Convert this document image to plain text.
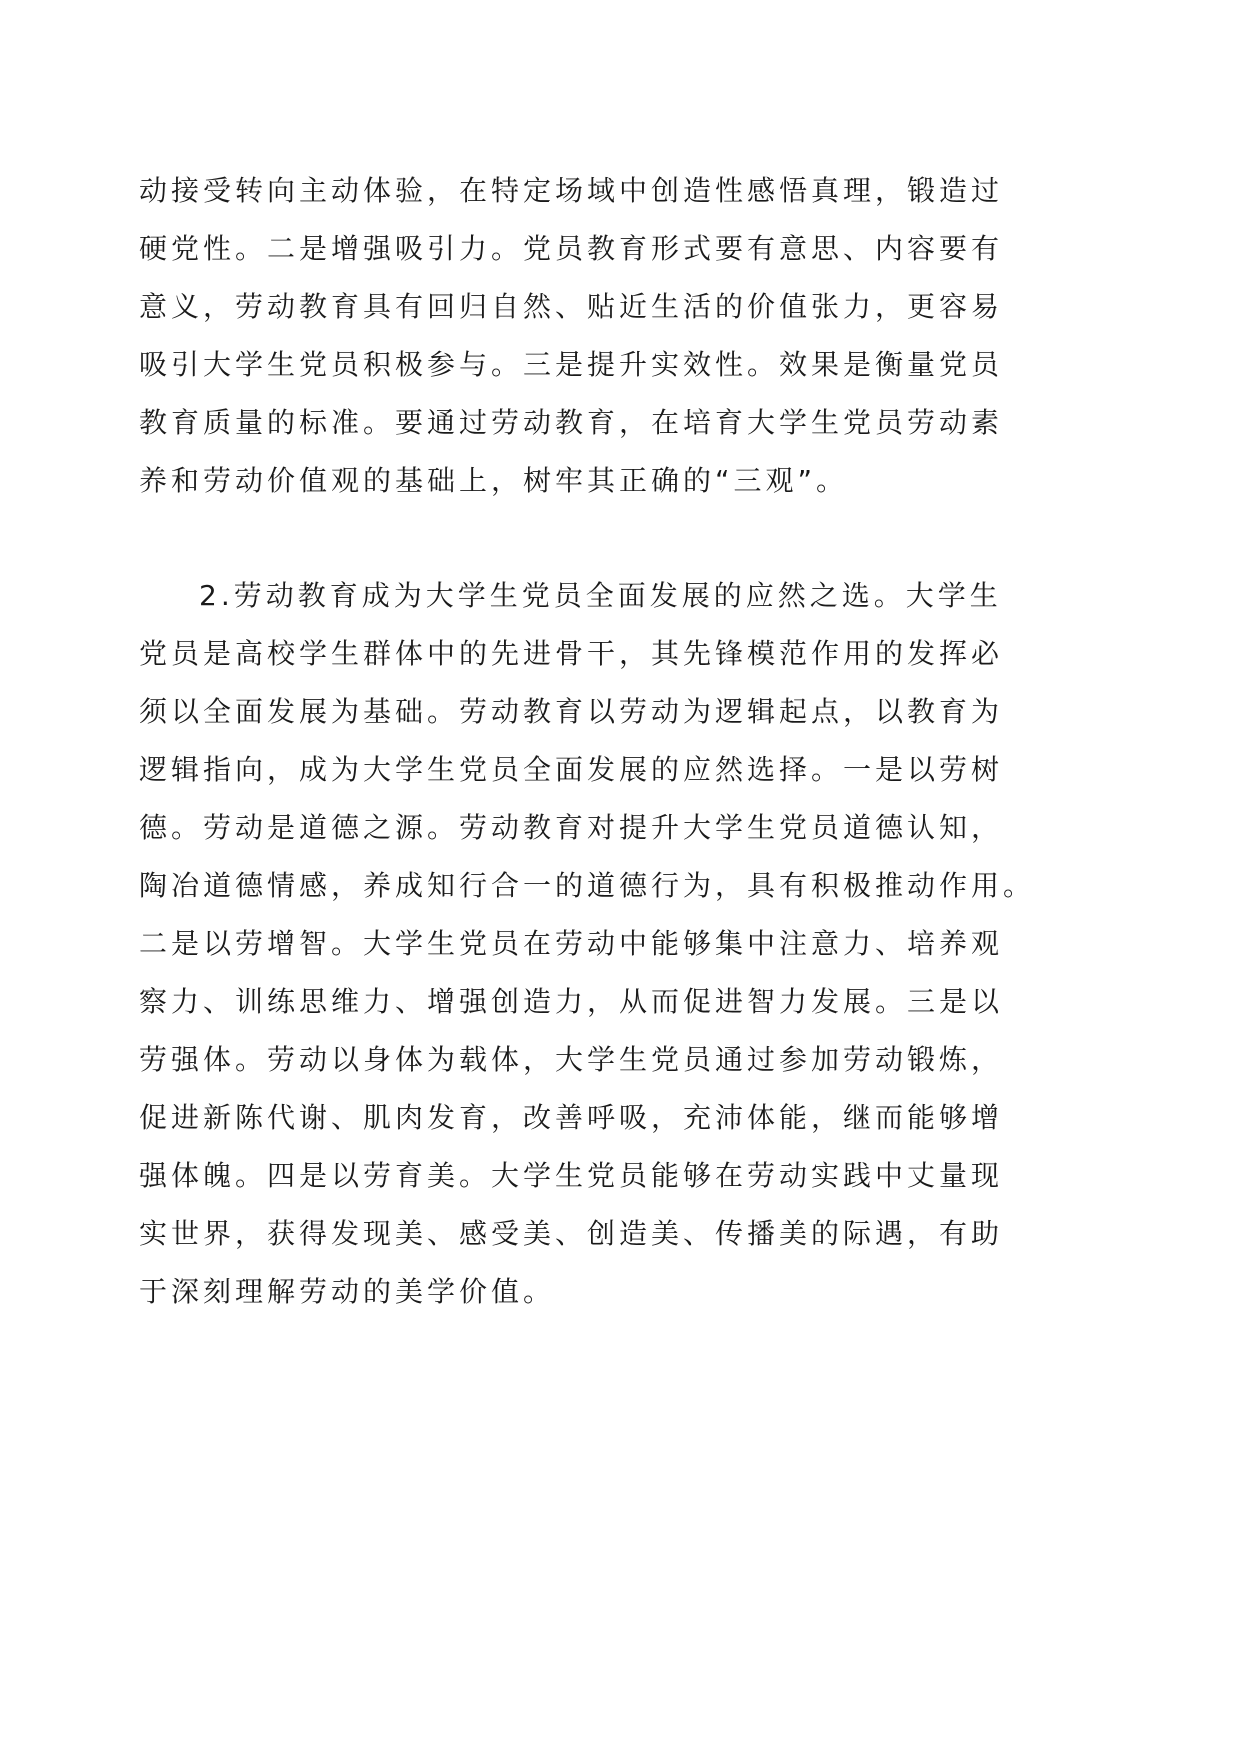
动接受转向主动体验，在特定场域中创造性感悟真理，锻造过
硬党性。二是增强吸引力。党员教育形式要有意思、内容要有
意义，劳动教育具有回归自然、贴近生活的价值张力，更容易
吸引大学生党员积极参与。三是提升实效性。效果是衡量党员
教育质量的标准。要通过劳动教育，在培育大学生党员劳动素
养和劳动价值观的基础上，树牢其正确的“三观”。
2.劳动教育成为大学生党员全面发展的应然之选。大学生
党员是高校学生群体中的先进骨干，其先锋模范作用的发挥必
须以全面发展为基础。劳动教育以劳动为逻辑起点，以教育为
逻辑指向，成为大学生党员全面发展的应然选择。一是以劳树
德。劳动是道德之源。劳动教育对提升大学生党员道德认知，
陶冶道德情感，养成知行合一的道德行为，具有积极推动作用。
二是以劳增智。大学生党员在劳动中能够集中注意力、培养观
察力、训练思维力、增强创造力，从而促进智力发展。三是以
劳强体。劳动以身体为载体，大学生党员通过参加劳动锻炼，
促进新陈代谢、肌肉发育，改善呼吸，充沛体能，继而能够增
强体魄。四是以劳育美。大学生党员能够在劳动实践中丈量现
实世界，获得发现美、感受美、创造美、传播美的际遇，有助
于深刻理解劳动的美学价值。
